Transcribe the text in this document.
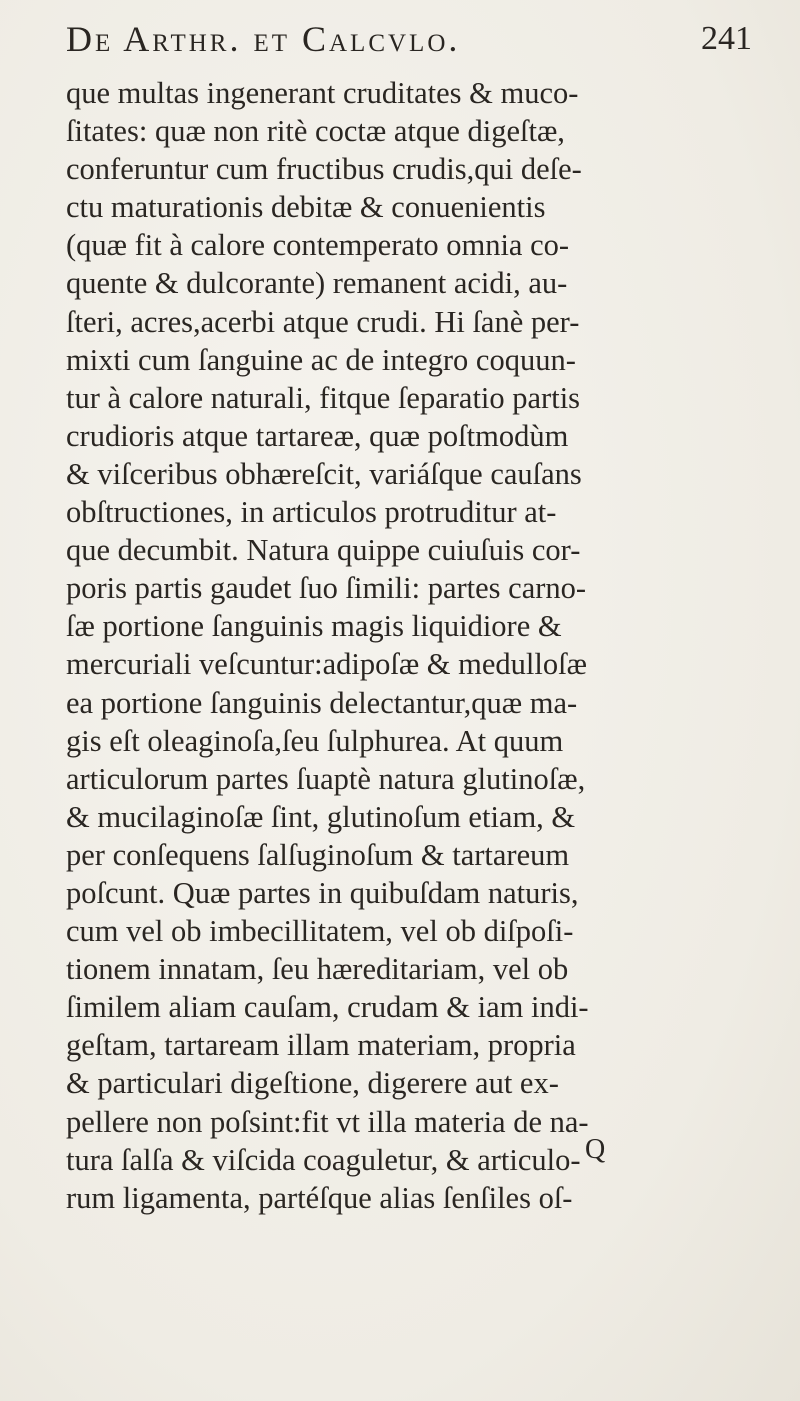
De Arthr. et Calcvlo.	241
que multas ingenerant cruditates & muco-
ſitates: quæ non ritè coctæ atque digeſtæ,
conferuntur cum fructibus crudis,qui deſe-
ctu maturationis debitæ & conuenientis
(quæ fit à calore contemperato omnia co-
quente & dulcorante) remanent acidi, au-
ſteri, acres,acerbi atque crudi. Hi ſanè per-
mixti cum ſanguine ac de integro coquun-
tur à calore naturali, fitque ſeparatio partis
crudioris atque tartareæ, quæ poſtmodùm
& viſceribus obhæreſcit, variáſque cauſans
obſtructiones, in articulos protruditur at-
que decumbit. Natura quippe cuiuſuis cor-
poris partis gaudet ſuo ſimili: partes carno-
ſæ portione ſanguinis magis liquidiore &
mercuriali veſcuntur:adipoſæ & medulloſæ
ea portione ſanguinis delectantur,quæ ma-
gis eſt oleaginoſa,ſeu ſulphurea. At quum
articulorum partes ſuaptè natura glutinoſæ,
& mucilaginoſæ ſint, glutinoſum etiam, &
per conſequens ſalſuginoſum & tartareum
poſcunt. Quæ partes in quibuſdam naturis,
cum vel ob imbecillitatem, vel ob diſpoſi-
tionem innatam, ſeu hæreditariam, vel ob
ſimilem aliam cauſam, crudam & iam indi-
geſtam, tartaream illam materiam, propria
& particulari digeſtione, digerere aut ex-
pellere non poſsint:fit vt illa materia de na-
tura ſalſa & viſcida coaguletur, & articulo-
rum ligamenta, partéſque alias ſenſiles oſ-
Q
